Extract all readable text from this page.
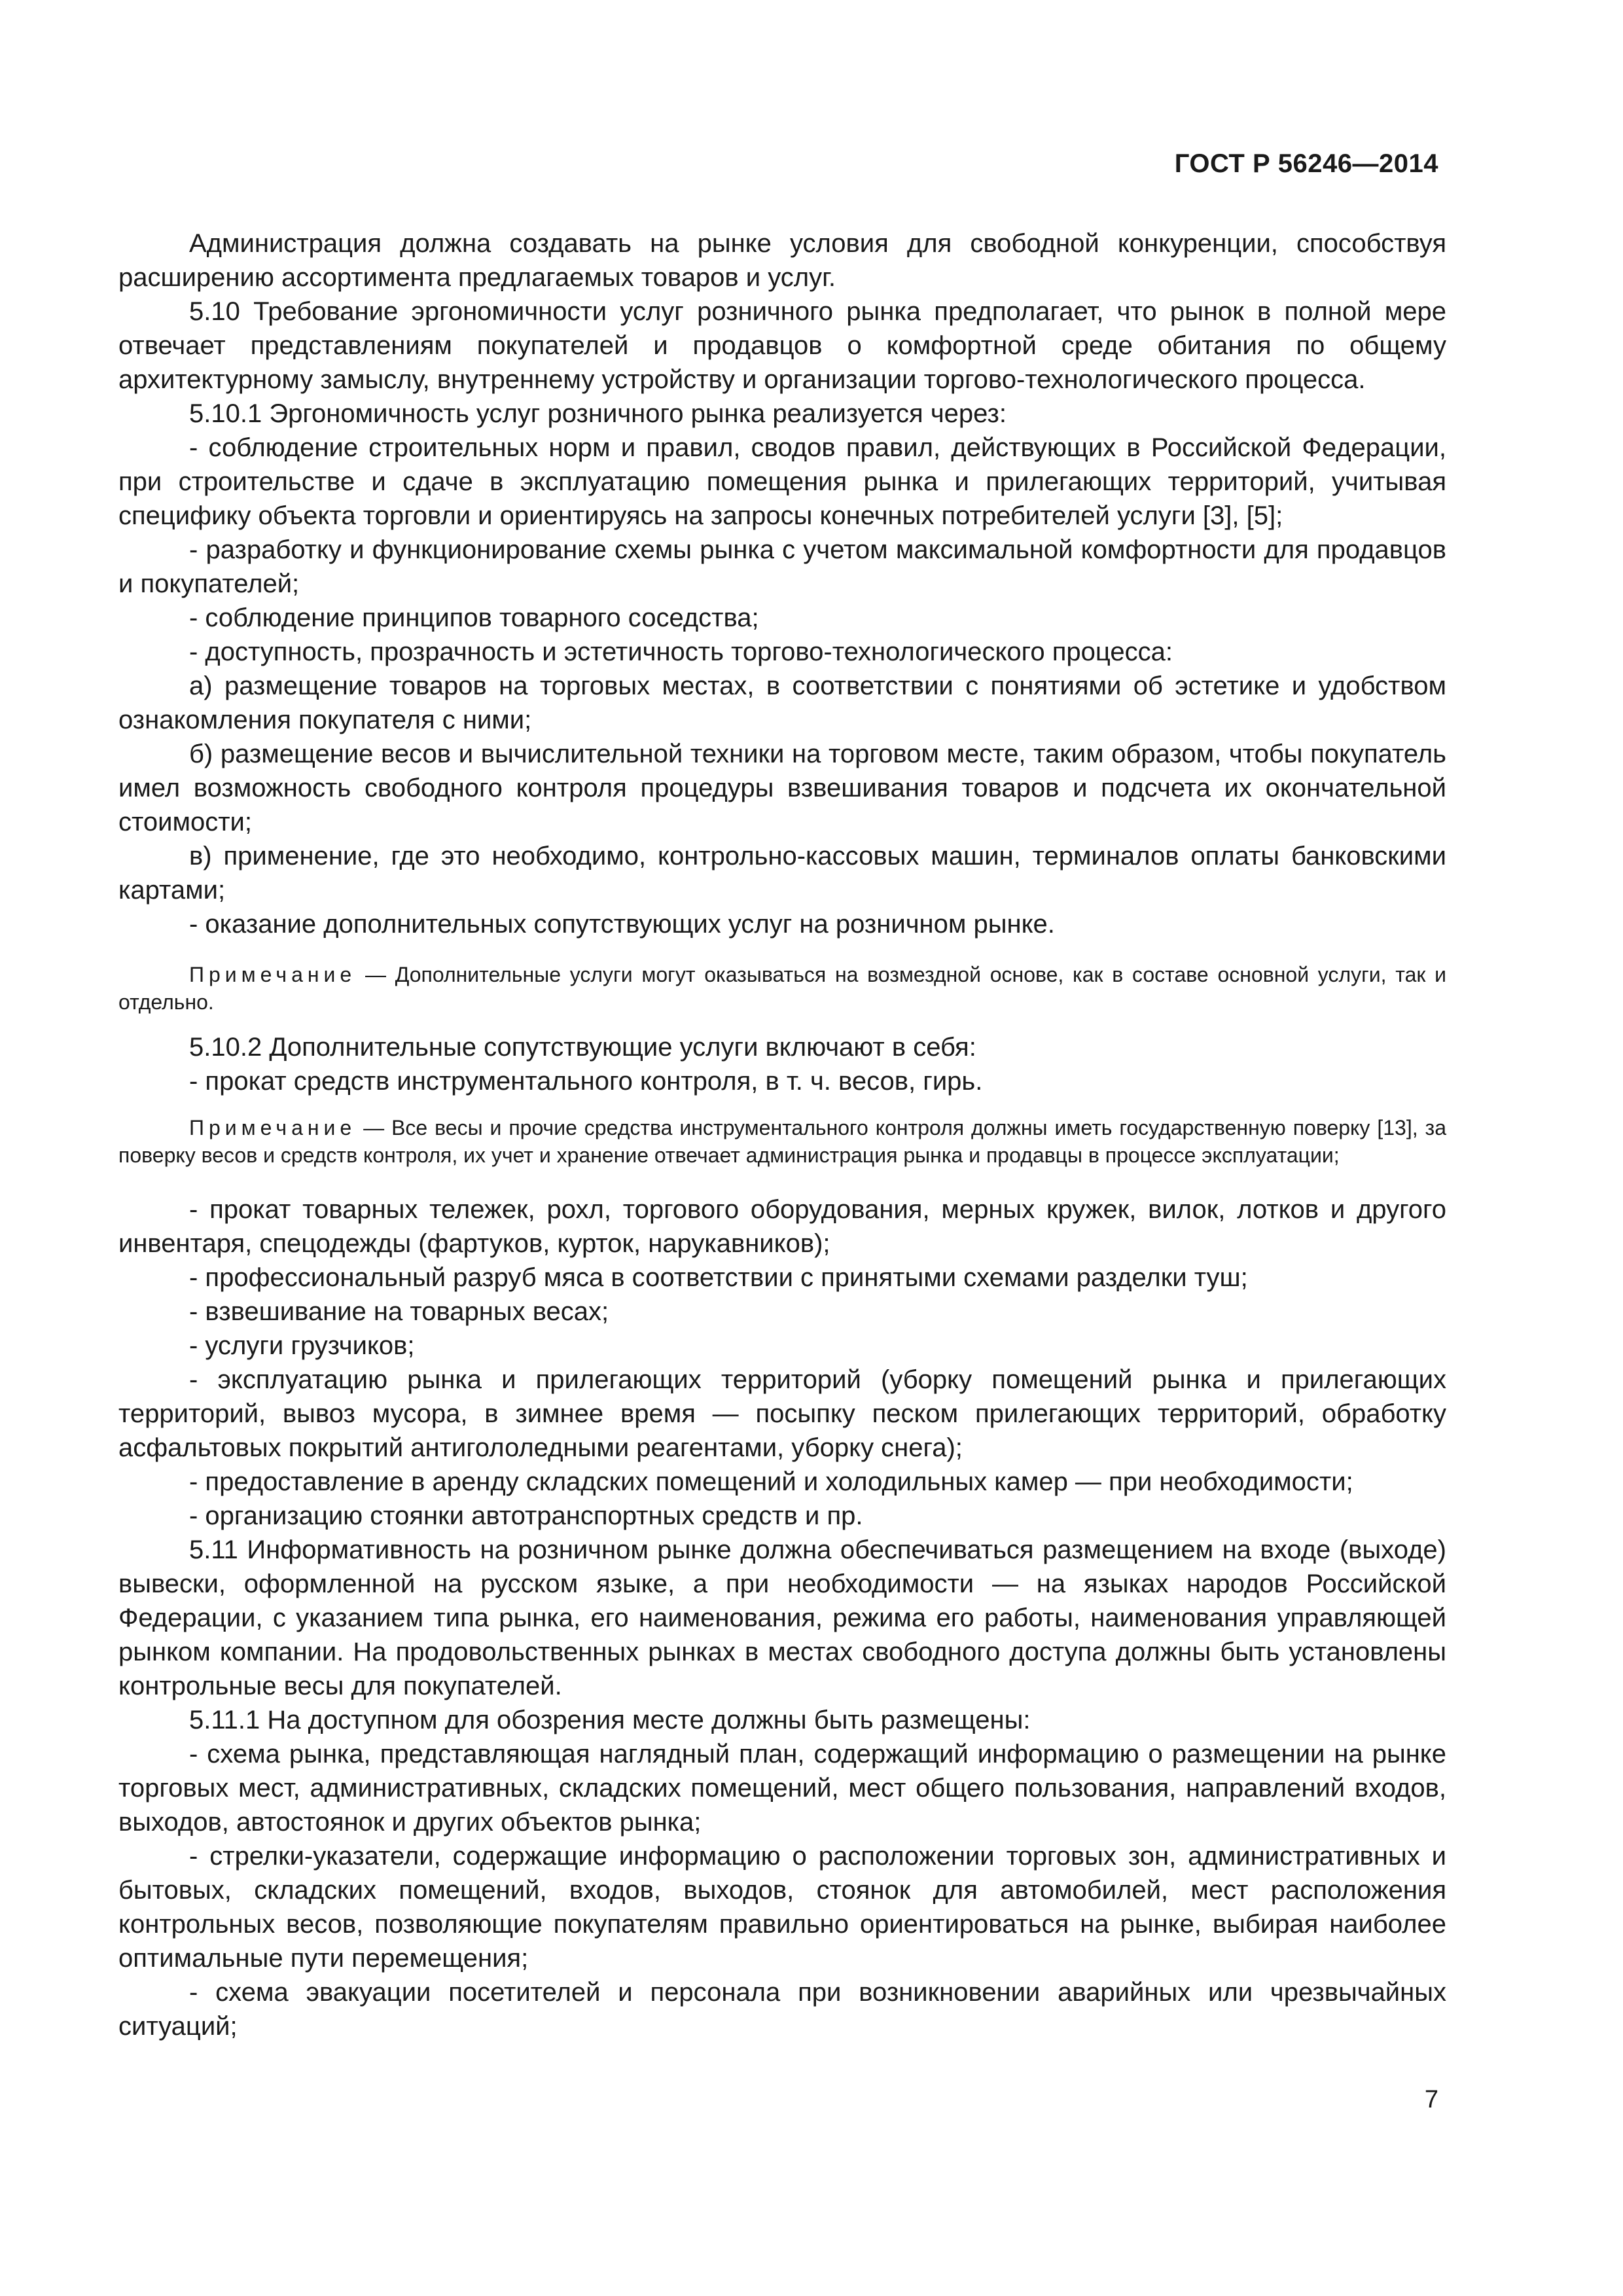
ГОСТ Р 56246—2014

Администрация должна создавать на рынке условия для свободной конкуренции, способствуя расширению ассортимента предлагаемых товаров и услуг.

5.10 Требование эргономичности услуг розничного рынка предполагает, что рынок в полной мере отвечает представлениям покупателей и продавцов о комфортной среде обитания по общему архитектурному замыслу, внутреннему устройству и организации торгово-технологического процесса.

5.10.1 Эргономичность услуг розничного рынка реализуется через:

- соблюдение строительных норм и правил, сводов правил, действующих в Российской Федерации, при строительстве и сдаче в эксплуатацию помещения рынка и прилегающих территорий, учитывая специфику объекта торговли и ориентируясь на запросы конечных потребителей услуги [3], [5];

- разработку и функционирование схемы рынка с учетом максимальной комфортности для продавцов и покупателей;

- соблюдение принципов товарного соседства;

- доступность, прозрачность и эстетичность торгово-технологического процесса:

а) размещение товаров на торговых местах, в соответствии с понятиями об эстетике и удобством ознакомления покупателя с ними;

б) размещение весов и вычислительной техники на торговом месте, таким образом, чтобы покупатель имел возможность свободного контроля процедуры взвешивания товаров и подсчета их окончательной стоимости;

в) применение, где это необходимо, контрольно-кассовых машин, терминалов оплаты банковскими картами;

- оказание дополнительных сопутствующих услуг на розничном рынке.

Примечание — Дополнительные услуги могут оказываться на возмездной основе, как в составе основной услуги, так и отдельно.

5.10.2 Дополнительные сопутствующие услуги включают в себя:

- прокат средств инструментального контроля, в т. ч. весов, гирь.

Примечание — Все весы и прочие средства инструментального контроля должны иметь государственную поверку [13], за поверку весов и средств контроля, их учет и хранение отвечает администрация рынка и продавцы в процессе эксплуатации;

- прокат товарных тележек, рохл, торгового оборудования, мерных кружек, вилок, лотков и другого инвентаря, спецодежды (фартуков, курток, нарукавников);

- профессиональный разруб мяса в соответствии с принятыми схемами разделки туш;

- взвешивание на товарных весах;

- услуги грузчиков;

- эксплуатацию рынка и прилегающих территорий (уборку помещений рынка и прилегающих территорий, вывоз мусора, в зимнее время — посыпку песком прилегающих территорий, обработку асфальтовых покрытий антигололедными реагентами, уборку снега);

- предоставление в аренду складских помещений и холодильных камер — при необходимости;

- организацию стоянки автотранспортных средств и пр.

5.11 Информативность на розничном рынке должна обеспечиваться размещением на входе (выходе) вывески, оформленной на русском языке, а при необходимости — на языках народов Российской Федерации, с указанием типа рынка, его наименования, режима его работы, наименования управляющей рынком компании. На продовольственных рынках в местах свободного доступа должны быть установлены контрольные весы для покупателей.

5.11.1 На доступном для обозрения месте должны быть размещены:

- схема рынка, представляющая наглядный план, содержащий информацию о размещении на рынке торговых мест, административных, складских помещений, мест общего пользования, направлений входов, выходов, автостоянок и других объектов рынка;

- стрелки-указатели, содержащие информацию о расположении торговых зон, административных и бытовых, складских помещений, входов, выходов, стоянок для автомобилей, мест расположения контрольных весов, позволяющие покупателям правильно ориентироваться на рынке, выбирая наиболее оптимальные пути перемещения;

- схема эвакуации посетителей и персонала при возникновении аварийных или чрезвычайных ситуаций;

7
